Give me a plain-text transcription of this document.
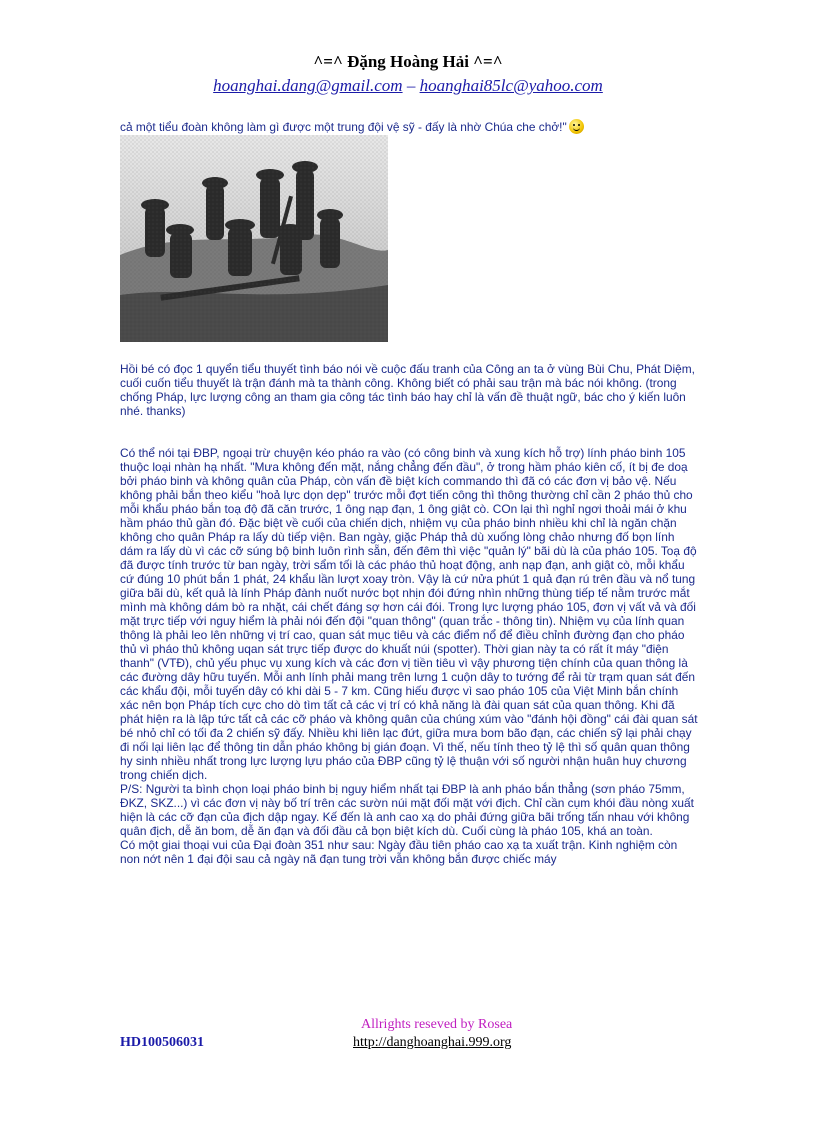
^=^ Đặng Hoàng Hải ^=^
hoanghai.dang@gmail.com – hoanghai85lc@yahoo.com
cả một tiểu đoàn không làm gì được một trung đội vệ sỹ - đấy là nhờ Chúa che chở!"
Hồi bé có đọc 1 quyển tiểu thuyết tình báo nói về cuộc đấu tranh của Công an ta ở vùng Bùi Chu, Phát Diệm, cuối cuốn tiểu thuyết là trận đánh mà ta thành công. Không biết có phải sau trận mà bác nói không. (trong chống Pháp, lực lượng công an tham gia công tác tình báo hay chỉ là vấn đề thuật ngữ, bác cho ý kiến luôn nhé. thanks)

Có thể nói tại ĐBP, ngoại trừ chuyện kéo pháo ra vào (có công binh và xung kích hỗ trợ) lính pháo binh 105 thuộc loại nhàn hạ nhất. "Mưa không đến mặt, nắng chẳng đến đầu", ở trong hầm pháo kiên cố, ít bị đe doạ bởi pháo binh và không quân của Pháp, còn vấn đề biệt kích commando thì đã có các đơn vị bảo vệ. Nếu không phải bắn theo kiểu "hoả lực dọn dẹp" trước mỗi đợt tiến công thì thông thường chỉ cần 2 pháo thủ cho mỗi khẩu pháo bắn toạ độ đã căn trước, 1 ông nạp đạn, 1 ông giật cò. COn lại thì nghỉ ngơi thoải mái ở khu hầm pháo thủ gần đó. Đặc biệt về cuối của chiến dịch, nhiệm vụ của pháo binh nhiều khi chỉ là ngăn chặn không cho quân Pháp ra lấy dù tiếp viện. Ban ngày, giặc Pháp thả dù xuống lòng chảo nhưng đố bọn lính dám ra lấy dù vì các cỡ súng bộ binh luôn rình sẵn, đến đêm thì việc "quản lý" bãi dù là của pháo 105. Toạ độ đã được tính trước từ ban ngày, trời sẩm tối là các pháo thủ hoạt động, anh nạp đạn, anh giật cò, mỗi khẩu cứ đúng 10 phút bắn 1 phát, 24 khẩu lần lượt xoay tròn. Vậy là cứ nửa phút 1 quả đạn rú trên đầu và nổ tung giữa bãi dù, kết quả là lính Pháp đành nuốt nước bọt nhịn đói đứng nhìn những thùng tiếp tế nằm trước mắt mình mà không dám bò ra nhặt, cái chết đáng sợ hơn cái đói. Trong lực lượng pháo 105, đơn vị vất vả và đối mặt trực tiếp với nguy hiểm là phải nói đến đội "quan thông" (quan trắc - thông tin). Nhiệm vụ của lính quan thông là phải leo lên những vị trí cao, quan sát mục tiêu và các điểm nổ để điều chỉnh đường đạn cho pháo thủ vì pháo thủ không uqan sát trực tiếp được do khuất núi (spotter). Thời gian này ta có rất ít máy "điện thanh" (VTĐ), chủ yếu phục vụ xung kích và các đơn vị tiền tiêu vì vậy phương tiện chính của quan thông là các đường dây hữu tuyến. Mỗi anh lính phải mang trên lưng 1 cuộn dây to tướng để rải từ trạm quan sát đến các khẩu đội, mỗi tuyến dây có khi dài 5 - 7 km. Cũng hiếu được vì sao pháo 105 của Việt Minh bắn chính xác nên bọn Pháp tích cực cho dò tìm tất cả các vị trí có khả năng là đài quan sát của quan thông. Khi đã phát hiện ra là lập tức tất cả các cỡ pháo và không quân của chúng xúm vào "đánh hội đồng" cái đài quan sát bé nhỏ chỉ có tối đa 2 chiến sỹ đấy. Nhiều khi liên lạc đứt, giữa mưa bom bão đạn, các chiến sỹ lại phải chạy đi nối lại liên lạc để thông tin dẫn pháo không bị gián đoạn. Vì thế, nếu tính theo tỷ lệ thì số quân quan thông hy sinh nhiều nhất trong lực lượng lựu pháo của ĐBP cũng tỷ lệ thuận với số người nhận huân huy chương trong chiến dịch.

P/S: Người ta bình chọn loại pháo binh bị nguy hiểm nhất tại ĐBP là anh pháo bắn thẳng (sơn pháo 75mm, ĐKZ, SKZ...) vì các đơn vị này bố trí trên các sườn núi mặt đối mặt với địch. Chỉ cần cụm khói đầu nòng xuất hiện là các cỡ đạn của địch dập ngay. Kế đến là anh cao xạ do phải đứng giữa bãi trống tấn nhau với không quân địch, dễ ăn bom, dễ ăn đạn và đối đầu cả bọn biệt kích dù. Cuối cùng là pháo 105, khá an toàn.

Có một giai thoại vui của Đại đoàn 351 như sau: Ngày đầu tiên pháo cao xạ ta xuất trận. Kinh nghiệm còn non nớt nên 1 đại đội sau cả ngày nã đạn tung trời vẫn không bắn được chiếc máy

Allrights reseved by Rosea
HD100506031	http://danghoanghai.999.org
